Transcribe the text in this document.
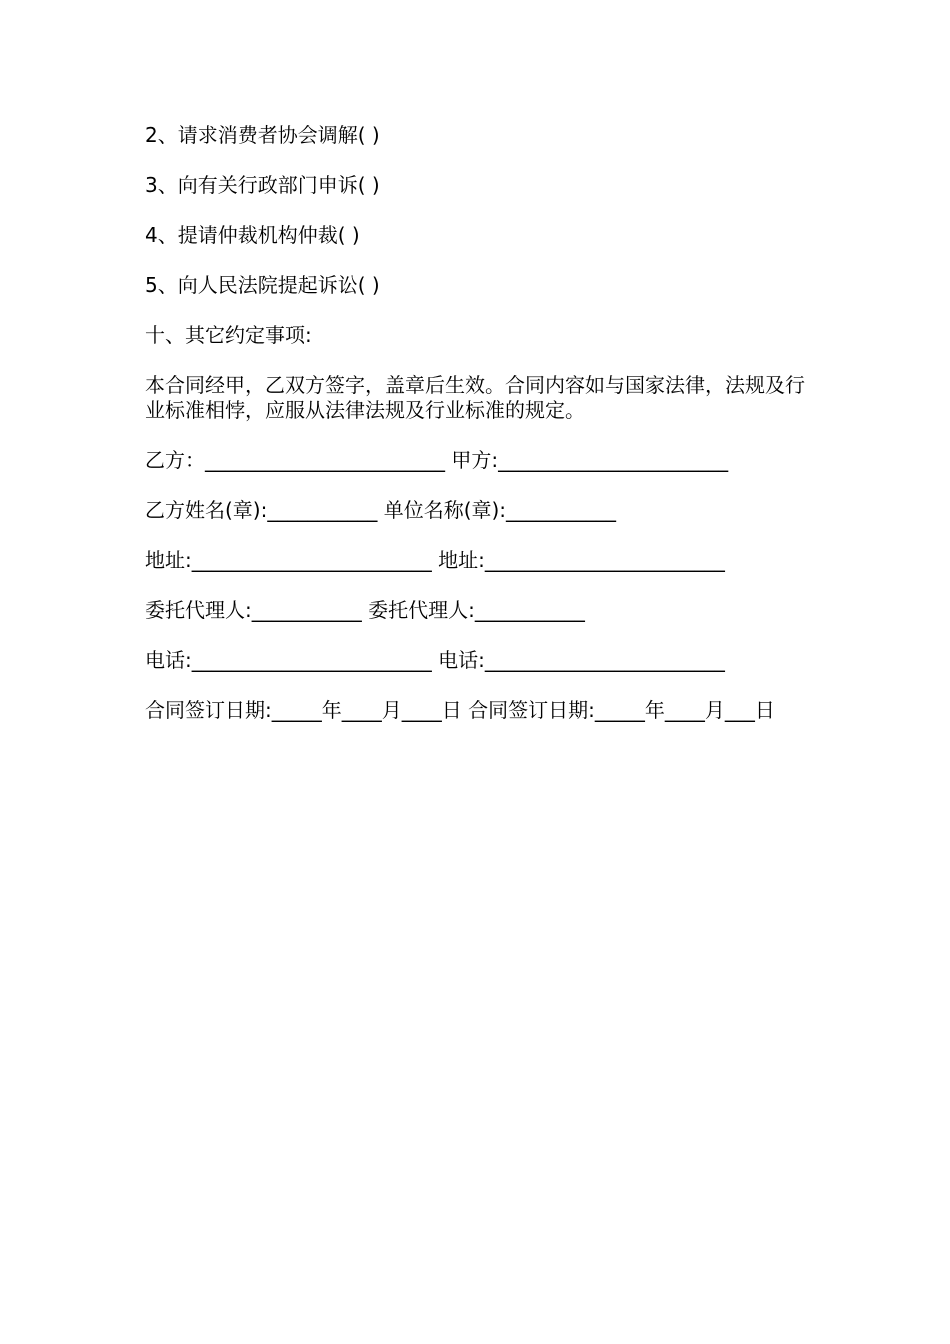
2、请求消费者协会调解( )

3、向有关行政部门申诉( )

4、提请仲裁机构仲裁( )

5、向人民法院提起诉讼( )

十、其它约定事项:

本合同经甲，乙双方签字，盖章后生效。合同内容如与国家法律，法规及行业标准相悖，应服从法律法规及行业标准的规定。

乙方：________________________ 甲方:_______________________

乙方姓名(章):___________ 单位名称(章):___________

地址:________________________ 地址:________________________

委托代理人:___________ 委托代理人:___________

电话:________________________ 电话:________________________

合同签订日期:_____年____月____日 合同签订日期:_____年____月___日
